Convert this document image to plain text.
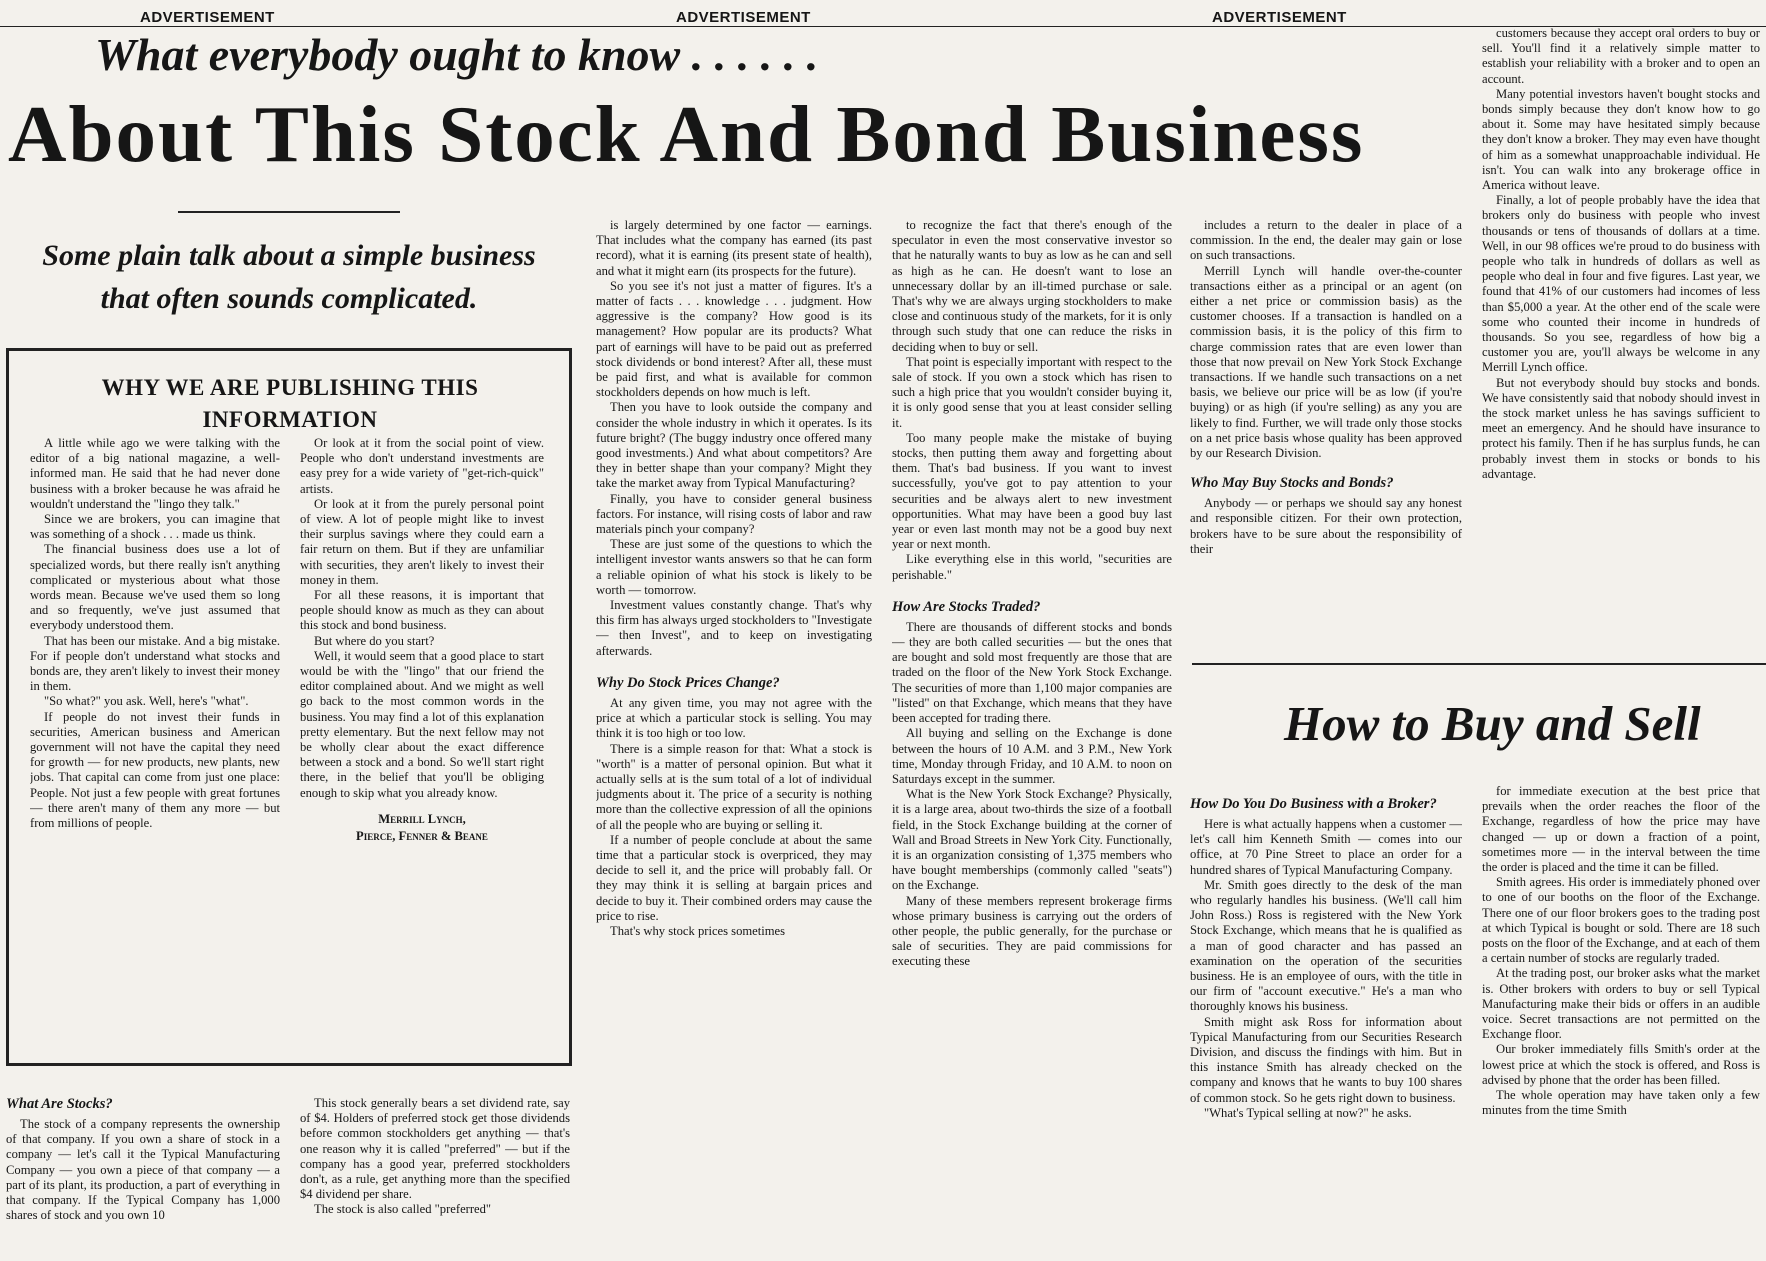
ADVERTISEMENT	ADVERTISEMENT	ADVERTISEMENT
What everybody ought to know . . . . . .
About This Stock And Bond Business
Some plain talk about a simple business
that often sounds complicated.
WHY WE ARE PUBLISHING THIS
INFORMATION

A little while ago we were talking with the editor of a big national magazine, a well-informed man. He said that he had never done business with a broker because he was afraid he wouldn't understand the "lingo they talk."

Since we are brokers, you can imagine that was something of a shock . . . made us think.

The financial business does use a lot of specialized words, but there really isn't anything complicated or mysterious about what those words mean. Because we've used them so long and so frequently, we've just assumed that everybody understood them.

That has been our mistake. And a big mistake. For if people don't understand what stocks and bonds are, they aren't likely to invest their money in them.

"So what?" you ask. Well, here's "what".

If people do not invest their funds in securities, American business and American government will not have the capital they need for growth — for new products, new plants, new jobs. That capital can come from just one place: People. Not just a few people with great fortunes — there aren't many of them any more — but from millions of people.

Or look at it from the social point of view. People who don't understand investments are easy prey for a wide variety of "get-rich-quick" artists.

Or look at it from the purely personal point of view. A lot of people might like to invest their surplus savings where they could earn a fair return on them. But if they are unfamiliar with securities, they aren't likely to invest their money in them.

For all these reasons, it is important that people should know as much as they can about this stock and bond business.

But where do you start?

Well, it would seem that a good place to start would be with the "lingo" that our friend the editor complained about. And we might as well go back to the most common words in the business. You may find a lot of this explanation pretty elementary. But the next fellow may not be wholly clear about the exact difference between a stock and a bond. So we'll start right there, in the belief that you'll be obliging enough to skip what you already know.

Merrill Lynch,
Pierce, Fenner & Beane

What Are Stocks?

The stock of a company represents the ownership of that company. If you own a share of stock in a company — let's call it the Typical Manufacturing Company — you own a piece of that company — a part of its plant, its production, a part of everything in that company. If the Typical Company has 1,000 shares of stock and you own 10

This stock generally bears a set dividend rate, say of $4. Holders of preferred stock get those dividends before common stockholders get anything — that's one reason why it is called "preferred" — but if the company has a good year, preferred stockholders don't, as a rule, get anything more than the specified $4 dividend per share.

The stock is also called "preferred"

is largely determined by one factor — earnings. That includes what the company has earned (its past record), what it is earning (its present state of health), and what it might earn (its prospects for the future).

So you see it's not just a matter of figures. It's a matter of facts . . . knowledge . . . judgment. How aggressive is the company? How good is its management? How popular are its products? What part of earnings will have to be paid out as preferred stock dividends or bond interest? After all, these must be paid first, and what is available for common stockholders depends on how much is left.

Then you have to look outside the company and consider the whole industry in which it operates. Is its future bright? (The buggy industry once offered many good investments.) And what about competitors? Are they in better shape than your company? Might they take the market away from Typical Manufacturing?

Finally, you have to consider general business factors. For instance, will rising costs of labor and raw materials pinch your company?

These are just some of the questions to which the intelligent investor wants answers so that he can form a reliable opinion of what his stock is likely to be worth — tomorrow.

Investment values constantly change. That's why this firm has always urged stockholders to "Investigate — then Invest", and to keep on investigating afterwards.

Why Do Stock Prices Change?

At any given time, you may not agree with the price at which a particular stock is selling. You may think it is too high or too low.

There is a simple reason for that: What a stock is "worth" is a matter of personal opinion. But what it actually sells at is the sum total of a lot of individual judgments about it. The price of a security is nothing more than the collective expression of all the opinions of all the people who are buying or selling it.

If a number of people conclude at about the same time that a particular stock is overpriced, they may decide to sell it, and the price will probably fall. Or they may think it is selling at bargain prices and decide to buy it. Their combined orders may cause the price to rise.

That's why stock prices sometimes

to recognize the fact that there's enough of the speculator in even the most conservative investor so that he naturally wants to buy as low as he can and sell as high as he can. He doesn't want to lose an unnecessary dollar by an ill-timed purchase or sale. That's why we are always urging stockholders to make close and continuous study of the markets, for it is only through such study that one can reduce the risks in deciding when to buy or sell.

That point is especially important with respect to the sale of stock. If you own a stock which has risen to such a high price that you wouldn't consider buying it, it is only good sense that you at least consider selling it.

Too many people make the mistake of buying stocks, then putting them away and forgetting about them. That's bad business. If you want to invest successfully, you've got to pay attention to your securities and be always alert to new investment opportunities. What may have been a good buy last year or even last month may not be a good buy next year or next month.

Like everything else in this world, "securities are perishable."

How Are Stocks Traded?

There are thousands of different stocks and bonds — they are both called securities — but the ones that are bought and sold most frequently are those that are traded on the floor of the New York Stock Exchange. The securities of more than 1,100 major companies are "listed" on that Exchange, which means that they have been accepted for trading there.

All buying and selling on the Exchange is done between the hours of 10 A.M. and 3 P.M., New York time, Monday through Friday, and 10 A.M. to noon on Saturdays except in the summer.

What is the New York Stock Exchange? Physically, it is a large area, about two-thirds the size of a football field, in the Stock Exchange building at the corner of Wall and Broad Streets in New York City. Functionally, it is an organization consisting of 1,375 members who have bought memberships (commonly called "seats") on the Exchange.

Many of these members represent brokerage firms whose primary business is carrying out the orders of other people, the public generally, for the purchase or sale of securities. They are paid commissions for executing these

includes a return to the dealer in place of a commission. In the end, the dealer may gain or lose on such transactions.

Merrill Lynch will handle over-the-counter transactions either as a principal or an agent (on either a net price or commission basis) as the customer chooses. If a transaction is handled on a commission basis, it is the policy of this firm to charge commission rates that are even lower than those that now prevail on New York Stock Exchange transactions. If we handle such transactions on a net basis, we believe our price will be as low (if you're buying) or as high (if you're selling) as any you are likely to find. Further, we will trade only those stocks on a net price basis whose quality has been approved by our Research Division.

Who May Buy Stocks and Bonds?

Anybody — or perhaps we should say any honest and responsible citizen. For their own protection, brokers have to be sure about the responsibility of their

customers because they accept oral orders to buy or sell. You'll find it a relatively simple matter to establish your reliability with a broker and to open an account.

Many potential investors haven't bought stocks and bonds simply because they don't know how to go about it. Some may have hesitated simply because they don't know a broker. They may even have thought of him as a somewhat unapproachable individual. He isn't. You can walk into any brokerage office in America without leave.

Finally, a lot of people probably have the idea that brokers only do business with people who invest thousands or tens of thousands of dollars at a time. Well, in our 98 offices we're proud to do business with people who talk in hundreds of dollars as well as people who deal in four and five figures. Last year, we found that 41% of our customers had incomes of less than $5,000 a year. At the other end of the scale were some who counted their income in hundreds of thousands. So you see, regardless of how big a customer you are, you'll always be welcome in any Merrill Lynch office.

But not everybody should buy stocks and bonds. We have consistently said that nobody should invest in the stock market unless he has savings sufficient to meet an emergency. And he should have insurance to protect his family. Then if he has surplus funds, he can probably invest them in stocks or bonds to his advantage.

How to Buy and Sell
How Do You Do Business with a Broker?

Here is what actually happens when a customer — let's call him Kenneth Smith — comes into our office, at 70 Pine Street to place an order for a hundred shares of Typical Manufacturing Company.

Mr. Smith goes directly to the desk of the man who regularly handles his business. (We'll call him John Ross.) Ross is registered with the New York Stock Exchange, which means that he is qualified as a man of good character and has passed an examination on the operation of the securities business. He is an employee of ours, with the title in our firm of "account executive." He's a man who thoroughly knows his business.

Smith might ask Ross for information about Typical Manufacturing from our Securities Research Division, and discuss the findings with him. But in this instance Smith has already checked on the company and knows that he wants to buy 100 shares of common stock. So he gets right down to business.

"What's Typical selling at now?" he asks.

for immediate execution at the best price that prevails when the order reaches the floor of the Exchange, regardless of how the price may have changed — up or down a fraction of a point, sometimes more — in the interval between the time the order is placed and the time it can be filled.

Smith agrees. His order is immediately phoned over to one of our booths on the floor of the Exchange. There one of our floor brokers goes to the trading post at which Typical is bought or sold. There are 18 such posts on the floor of the Exchange, and at each of them a certain number of stocks are regularly traded.

At the trading post, our broker asks what the market is. Other brokers with orders to buy or sell Typical Manufacturing make their bids or offers in an audible voice. Secret transactions are not permitted on the Exchange floor.

Our broker immediately fills Smith's order at the lowest price at which the stock is offered, and Ross is advised by phone that the order has been filled.

The whole operation may have taken only a few minutes from the time Smith
